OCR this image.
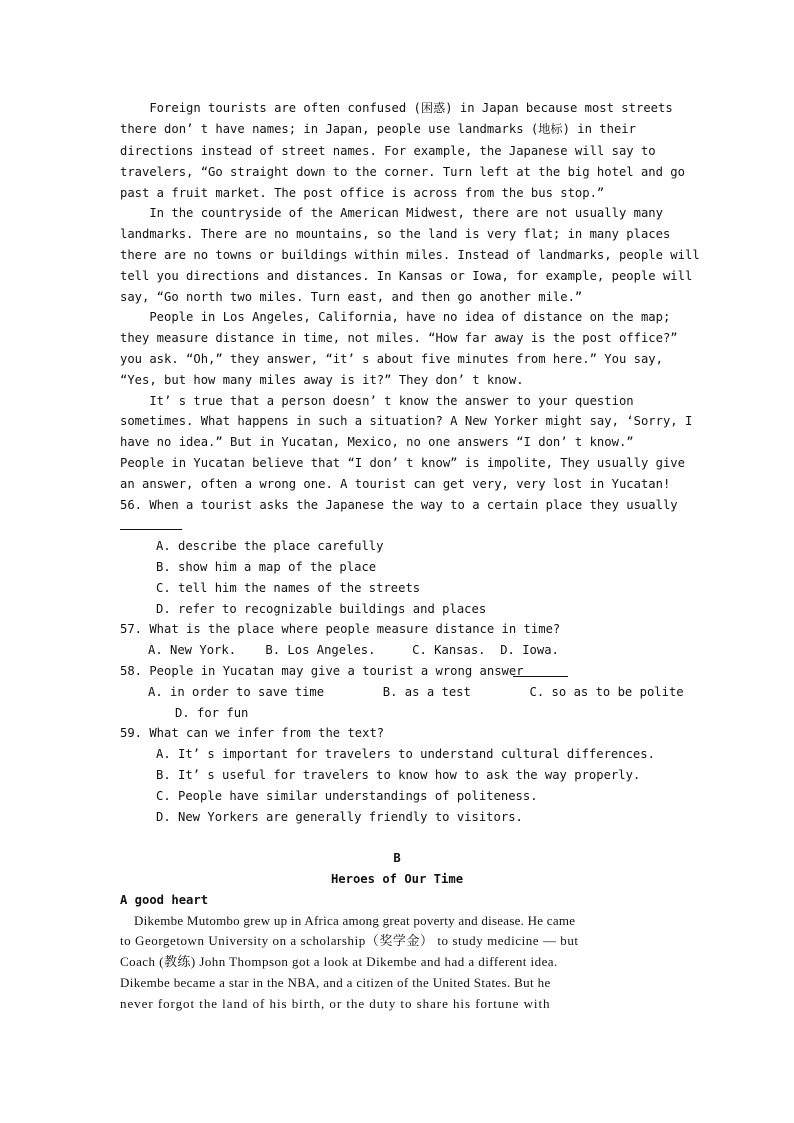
Foreign tourists are often confused (困惑) in Japan because most streets
there don’ t have names; in Japan, people use landmarks (地标) in their
directions instead of street names. For example, the Japanese will say to
travelers, “Go straight down to the corner. Turn left at the big hotel and go
past a fruit market. The post office is across from the bus stop.”
In the countryside of the American Midwest, there are not usually many
landmarks. There are no mountains, so the land is very flat; in many places
there are no towns or buildings within miles. Instead of landmarks, people will
tell you directions and distances. In Kansas or Iowa, for example, people will
say, “Go north two miles. Turn east, and then go another mile.”
People in Los Angeles, California, have no idea of distance on the map;
they measure distance in time, not miles. “How far away is the post office?”
you ask. “Oh,” they answer, “it’ s about five minutes from here.” You say,
“Yes, but how many miles away is it?” They don’ t know.
It’ s true that a person doesn’ t know the answer to your question
sometimes. What happens in such a situation? A New Yorker might say, ‘Sorry, I
have no idea.” But in Yucatan, Mexico, no one answers “I don’ t know.”
People in Yucatan believe that “I don’ t know” is impolite, They usually give
an answer, often a wrong one. A tourist can get very, very lost in Yucatan!
56. When a tourist asks the Japanese the way to a certain place they usually
A. describe the place carefully
B. show him a map of the place
C. tell him the names of the streets
D. refer to recognizable buildings and places
57. What is the place where people measure distance in time?
A. New York.    B. Los Angeles.     C. Kansas.  D. Iowa.
58. People in Yucatan may give a tourist a wrong answer
A. in order to save time        B. as a test        C. so as to be polite
D. for fun
59. What can we infer from the text?
A. It’ s important for travelers to understand cultural differences.
B. It’ s useful for travelers to know how to ask the way properly.
C. People have similar understandings of politeness.
D. New Yorkers are generally friendly to visitors.
B
Heroes of Our Time
A good heart
Dikembe Mutombo grew up in Africa among great poverty and disease. He came
to Georgetown University on a scholarship（奖学金） to study medicine — but
Coach (教练) John Thompson got a look at Dikembe and had a different idea.
Dikembe became a star in the NBA, and a citizen of the United States. But he
never forgot the land of his birth, or the duty to share his fortune with
